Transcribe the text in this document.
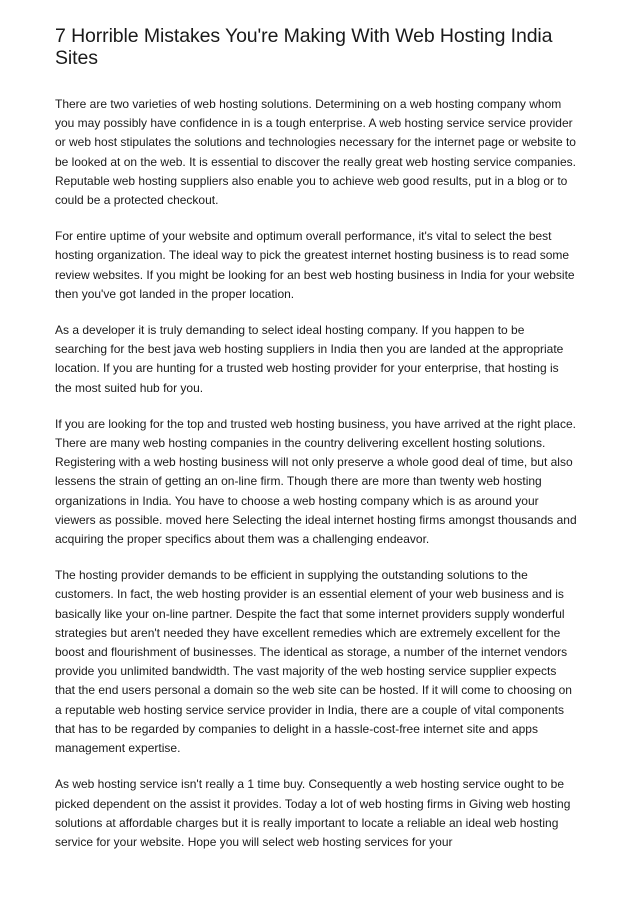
7 Horrible Mistakes You're Making With Web Hosting India Sites

There are two varieties of web hosting solutions. Determining on a web hosting company whom you may possibly have confidence in is a tough enterprise. A web hosting service service provider or web host stipulates the solutions and technologies necessary for the internet page or website to be looked at on the web. It is essential to discover the really great web hosting service companies. Reputable web hosting suppliers also enable you to achieve web good results, put in a blog or to could be a protected checkout.

For entire uptime of your website and optimum overall performance, it's vital to select the best hosting organization. The ideal way to pick the greatest internet hosting business is to read some review websites. If you might be looking for an best web hosting business in India for your website then you've got landed in the proper location.

As a developer it is truly demanding to select ideal hosting company. If you happen to be searching for the best java web hosting suppliers in India then you are landed at the appropriate location. If you are hunting for a trusted web hosting provider for your enterprise, that hosting is the most suited hub for you.

If you are looking for the top and trusted web hosting business, you have arrived at the right place. There are many web hosting companies in the country delivering excellent hosting solutions. Registering with a web hosting business will not only preserve a whole good deal of time, but also lessens the strain of getting an on-line firm. Though there are more than twenty web hosting organizations in India. You have to choose a web hosting company which is as around your viewers as possible. moved here Selecting the ideal internet hosting firms amongst thousands and acquiring the proper specifics about them was a challenging endeavor.

The hosting provider demands to be efficient in supplying the outstanding solutions to the customers. In fact, the web hosting provider is an essential element of your web business and is basically like your on-line partner. Despite the fact that some internet providers supply wonderful strategies but aren't needed they have excellent remedies which are extremely excellent for the boost and flourishment of businesses. The identical as storage, a number of the internet vendors provide you unlimited bandwidth. The vast majority of the web hosting service supplier expects that the end users personal a domain so the web site can be hosted. If it will come to choosing on a reputable web hosting service service provider in India, there are a couple of vital components that has to be regarded by companies to delight in a hassle-cost-free internet site and apps management expertise.

As web hosting service isn't really a 1 time buy. Consequently a web hosting service ought to be picked dependent on the assist it provides. Today a lot of web hosting firms in Giving web hosting solutions at affordable charges but it is really important to locate a reliable an ideal web hosting service for your website. Hope you will select web hosting services for your
